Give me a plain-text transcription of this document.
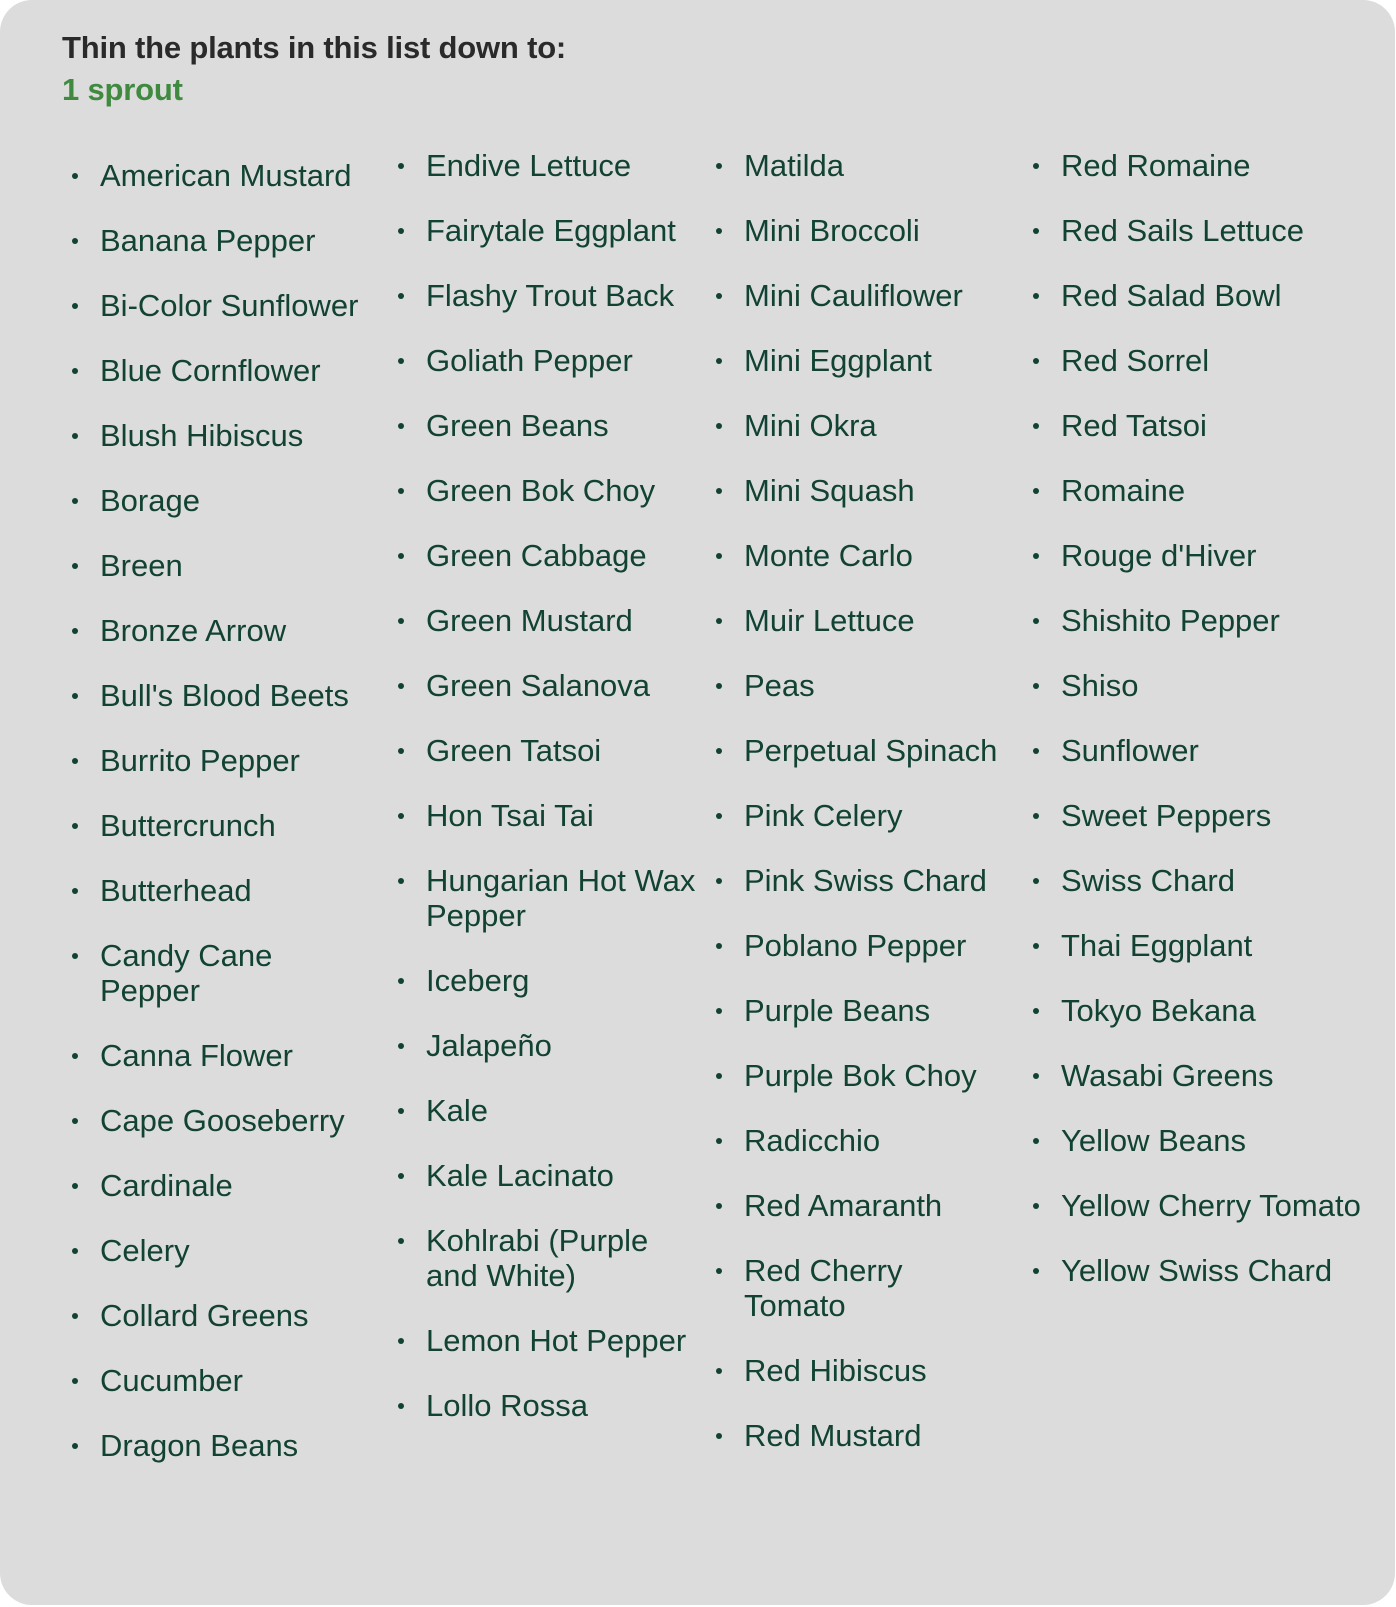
Thin the plants in this list down to:

1 sprout

American Mustard
Banana Pepper
Bi-Color Sunflower
Blue Cornflower
Blush Hibiscus
Borage
Breen
Bronze Arrow
Bull's Blood Beets
Burrito Pepper
Buttercrunch
Butterhead
Candy Cane Pepper
Canna Flower
Cape Gooseberry
Cardinale
Celery
Collard Greens
Cucumber
Dragon Beans
Endive Lettuce
Fairytale Eggplant
Flashy Trout Back
Goliath Pepper
Green Beans
Green Bok Choy
Green Cabbage
Green Mustard
Green Salanova
Green Tatsoi
Hon Tsai Tai
Hungarian Hot Wax Pepper
Iceberg
Jalapeño
Kale
Kale Lacinato
Kohlrabi (Purple and White)
Lemon Hot Pepper
Lollo Rossa
Matilda
Mini Broccoli
Mini Cauliflower
Mini Eggplant
Mini Okra
Mini Squash
Monte Carlo
Muir Lettuce
Peas
Perpetual Spinach
Pink Celery
Pink Swiss Chard
Poblano Pepper
Purple Beans
Purple Bok Choy
Radicchio
Red Amaranth
Red Cherry Tomato
Red Hibiscus
Red Mustard
Red Romaine
Red Sails Lettuce
Red Salad Bowl
Red Sorrel
Red Tatsoi
Romaine
Rouge d'Hiver
Shishito Pepper
Shiso
Sunflower
Sweet Peppers
Swiss Chard
Thai Eggplant
Tokyo Bekana
Wasabi Greens
Yellow Beans
Yellow Cherry Tomato
Yellow Swiss Chard
